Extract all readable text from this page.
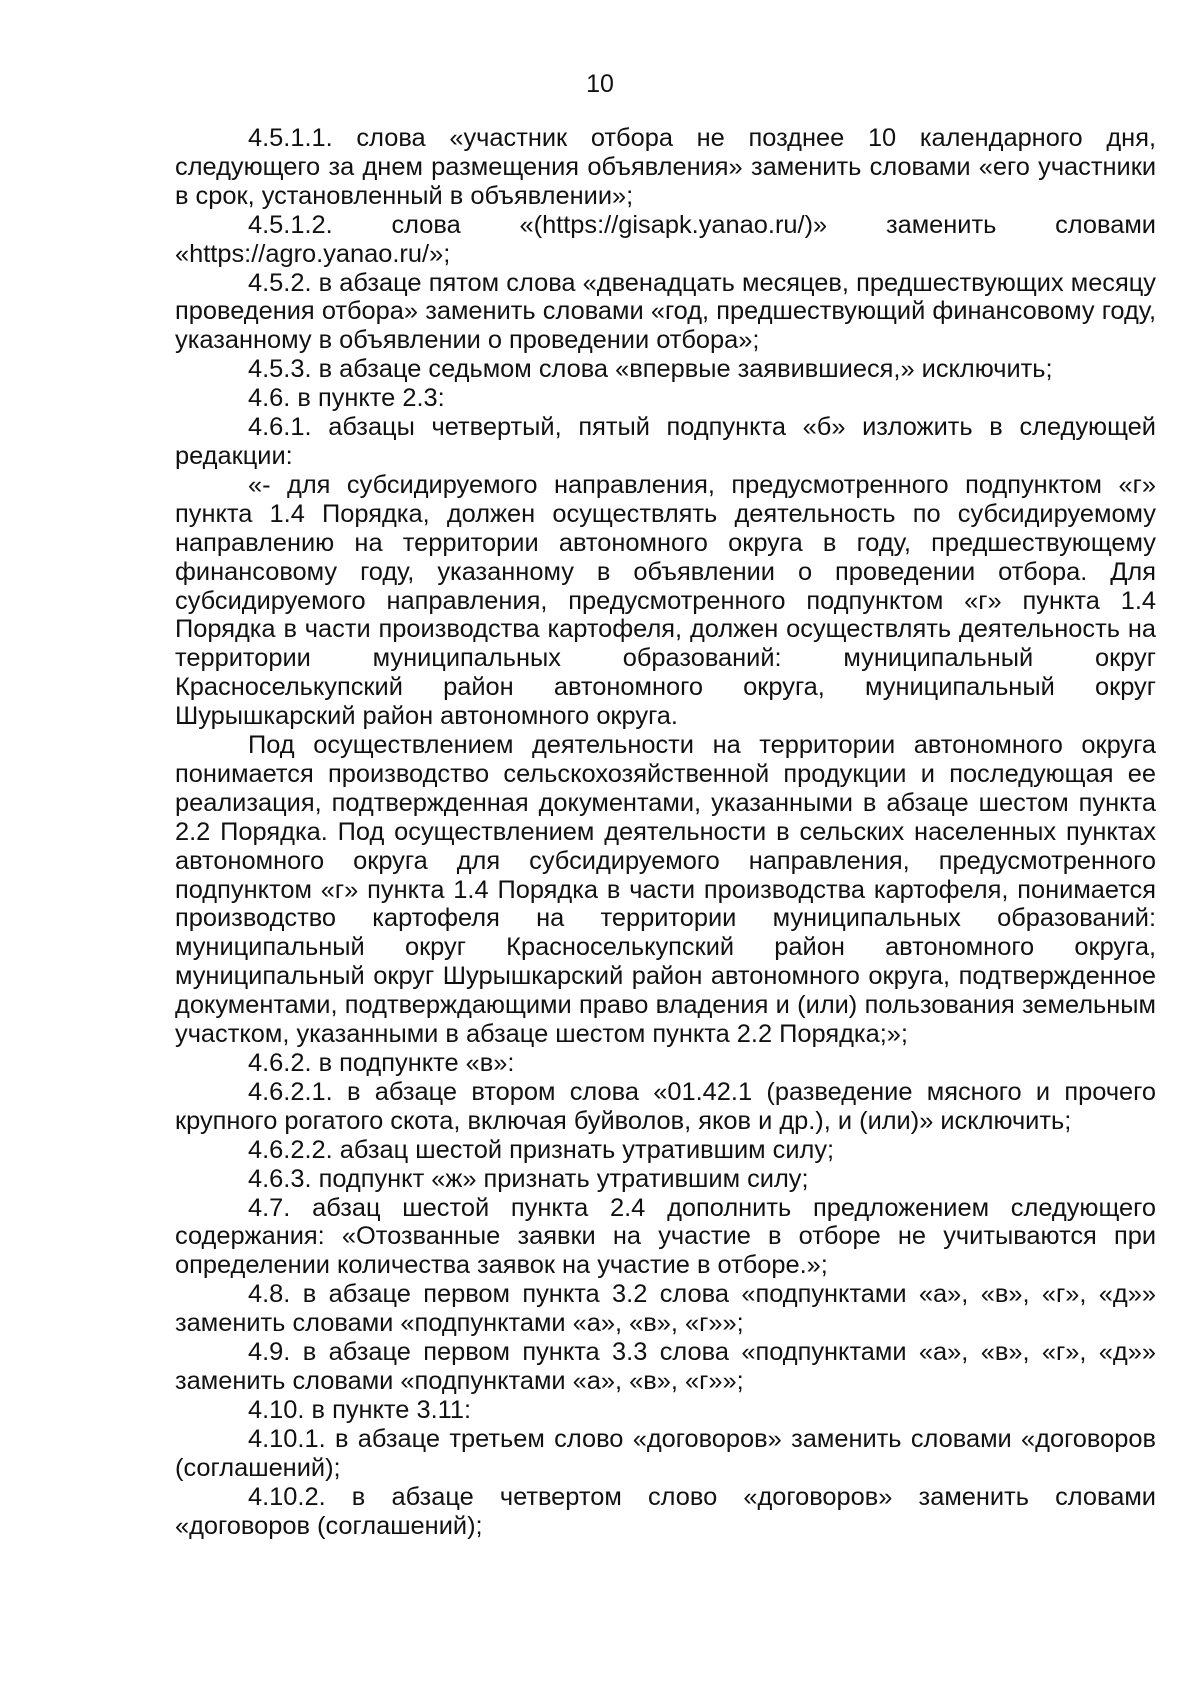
10

4.5.1.1. слова «участник отбора не позднее 10 календарного дня, следующего за днем размещения объявления» заменить словами «его участники в срок, установленный в объявлении»;

4.5.1.2. слова «(https://gisapk.yanao.ru/)» заменить словами «https://agro.yanao.ru/»;

4.5.2. в абзаце пятом слова «двенадцать месяцев, предшествующих месяцу проведения отбора» заменить словами «год, предшествующий финансовому году, указанному в объявлении о проведении отбора»;

4.5.3. в абзаце седьмом слова «впервые заявившиеся,» исключить;

4.6. в пункте 2.3:

4.6.1. абзацы четвертый, пятый подпункта «б» изложить в следующей редакции:

«- для субсидируемого направления, предусмотренного подпунктом «г» пункта 1.4 Порядка, должен осуществлять деятельность по субсидируемому направлению на территории автономного округа в году, предшествующему финансовому году, указанному в объявлении о проведении отбора. Для субсидируемого направления, предусмотренного подпунктом «г» пункта 1.4 Порядка в части производства картофеля, должен осуществлять деятельность на территории муниципальных образований: муниципальный округ Красноселькупский район автономного округа, муниципальный округ Шурышкарский район автономного округа.

Под осуществлением деятельности на территории автономного округа понимается производство сельскохозяйственной продукции и последующая ее реализация, подтвержденная документами, указанными в абзаце шестом пункта 2.2 Порядка. Под осуществлением деятельности в сельских населенных пунктах автономного округа для субсидируемого направления, предусмотренного подпунктом «г» пункта 1.4 Порядка в части производства картофеля, понимается производство картофеля на территории муниципальных образований: муниципальный округ Красноселькупский район автономного округа, муниципальный округ Шурышкарский район автономного округа, подтвержденное документами, подтверждающими право владения и (или) пользования земельным участком, указанными в абзаце шестом пункта 2.2 Порядка;»;

4.6.2. в подпункте «в»:

4.6.2.1. в абзаце втором слова «01.42.1 (разведение мясного и прочего крупного рогатого скота, включая буйволов, яков и др.), и (или)» исключить;

4.6.2.2. абзац шестой признать утратившим силу;

4.6.3. подпункт «ж» признать утратившим силу;

4.7. абзац шестой пункта 2.4 дополнить предложением следующего содержания: «Отозванные заявки на участие в отборе не учитываются при определении количества заявок на участие в отборе.»;

4.8. в абзаце первом пункта 3.2 слова «подпунктами «а», «в», «г», «д»» заменить словами «подпунктами «а», «в», «г»»;

4.9. в абзаце первом пункта 3.3 слова «подпунктами «а», «в», «г», «д»» заменить словами «подпунктами «а», «в», «г»»;

4.10. в пункте 3.11:

4.10.1. в абзаце третьем слово «договоров» заменить словами «договоров (соглашений);

4.10.2. в абзаце четвертом слово «договоров» заменить словами «договоров (соглашений);
